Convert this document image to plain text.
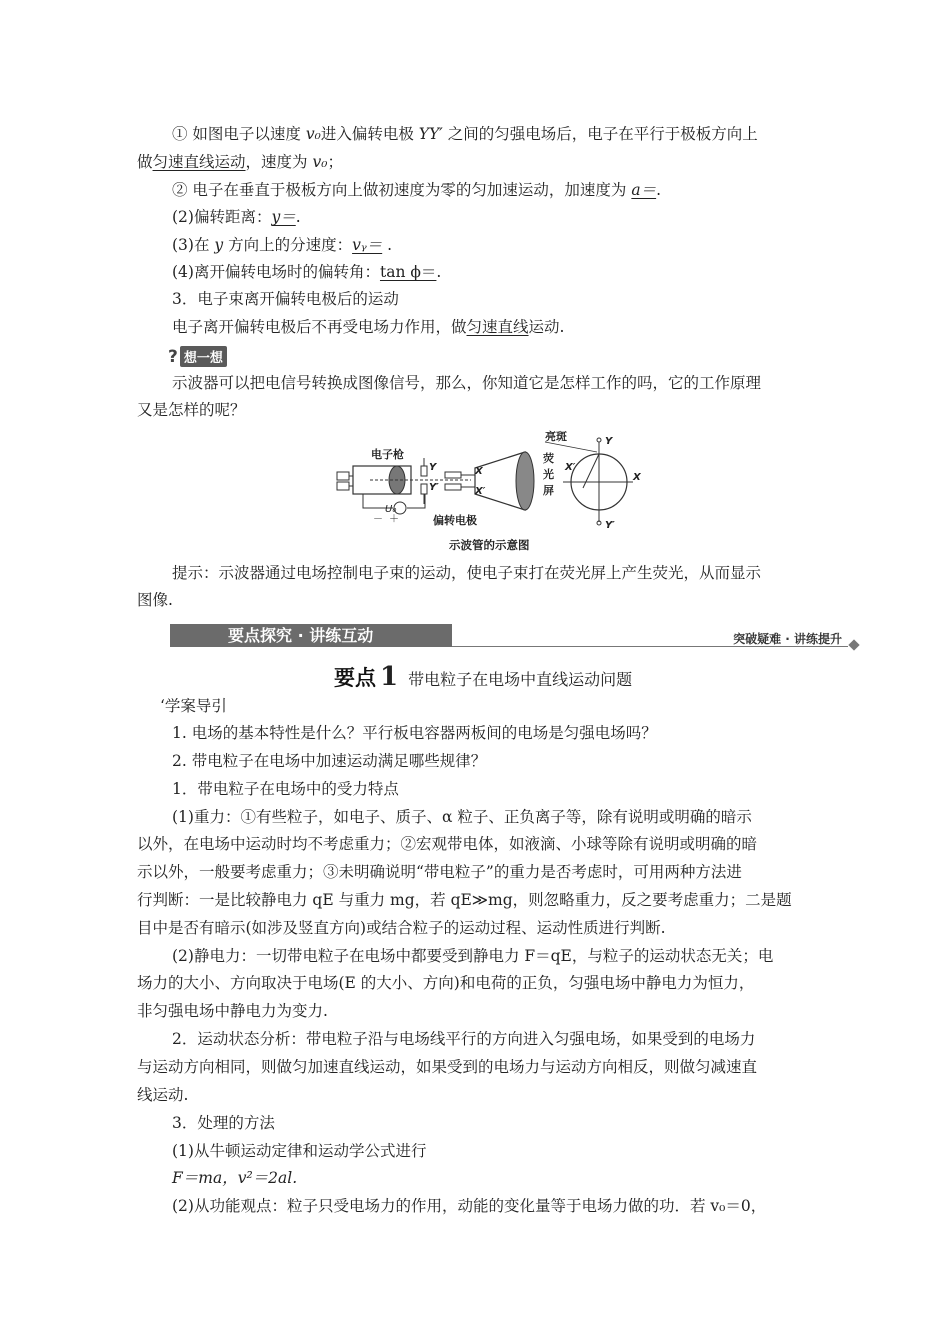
① 如图电子以速度 v₀进入偏转电极 YY′ 之间的匀强电场后，电子在平行于极板方向上
做匀速直线运动，速度为 v₀；
② 电子在垂直于极板方向上做初速度为零的匀加速运动，加速度为 a＝.
(2)偏转距离：y＝.
(3)在 y 方向上的分速度：vᵧ＝ .
(4)离开偏转电场时的偏转角：tan ϕ＝.
3．电子束离开偏转电极后的运动
电子离开偏转电极后不再受电场力作用，做匀速直线运动.
? 想一想
示波器可以把电信号转换成图像信号，那么，你知道它是怎样工作的吗，它的工作原理
又是怎样的呢？
电子枪
偏转电极
亮斑
荧
光
屏
U₀
－ ＋
Y
Y′
X
X′
Y
Y′
X
X′
示波管的示意图
提示：示波器通过电场控制电子束的运动，使电子束打在荧光屏上产生荧光，从而显示
图像.
要点探究 · 讲练互动	突破疑难 · 讲练提升
要点 1 带电粒子在电场中直线运动问题
ʻ学案导引
1. 电场的基本特性是什么？平行板电容器两板间的电场是匀强电场吗？
2. 带电粒子在电场中加速运动满足哪些规律？
1．带电粒子在电场中的受力特点
(1)重力：①有些粒子，如电子、质子、α 粒子、正负离子等，除有说明或明确的暗示
以外，在电场中运动时均不考虑重力；②宏观带电体，如液滴、小球等除有说明或明确的暗
示以外，一般要考虑重力；③未明确说明“带电粒子”的重力是否考虑时，可用两种方法进
行判断：一是比较静电力 qE 与重力 mg，若 qE≫mg，则忽略重力，反之要考虑重力；二是题
目中是否有暗示(如涉及竖直方向)或结合粒子的运动过程、运动性质进行判断.
(2)静电力：一切带电粒子在电场中都要受到静电力 F＝qE，与粒子的运动状态无关；电
场力的大小、方向取决于电场(E 的大小、方向)和电荷的正负，匀强电场中静电力为恒力，
非匀强电场中静电力为变力.
2．运动状态分析：带电粒子沿与电场线平行的方向进入匀强电场，如果受到的电场力
与运动方向相同，则做匀加速直线运动，如果受到的电场力与运动方向相反，则做匀减速直
线运动.
3．处理的方法
(1)从牛顿运动定律和运动学公式进行
F＝ma，v²＝2al.
(2)从功能观点：粒子只受电场力的作用，动能的变化量等于电场力做的功．若 v₀＝0，
